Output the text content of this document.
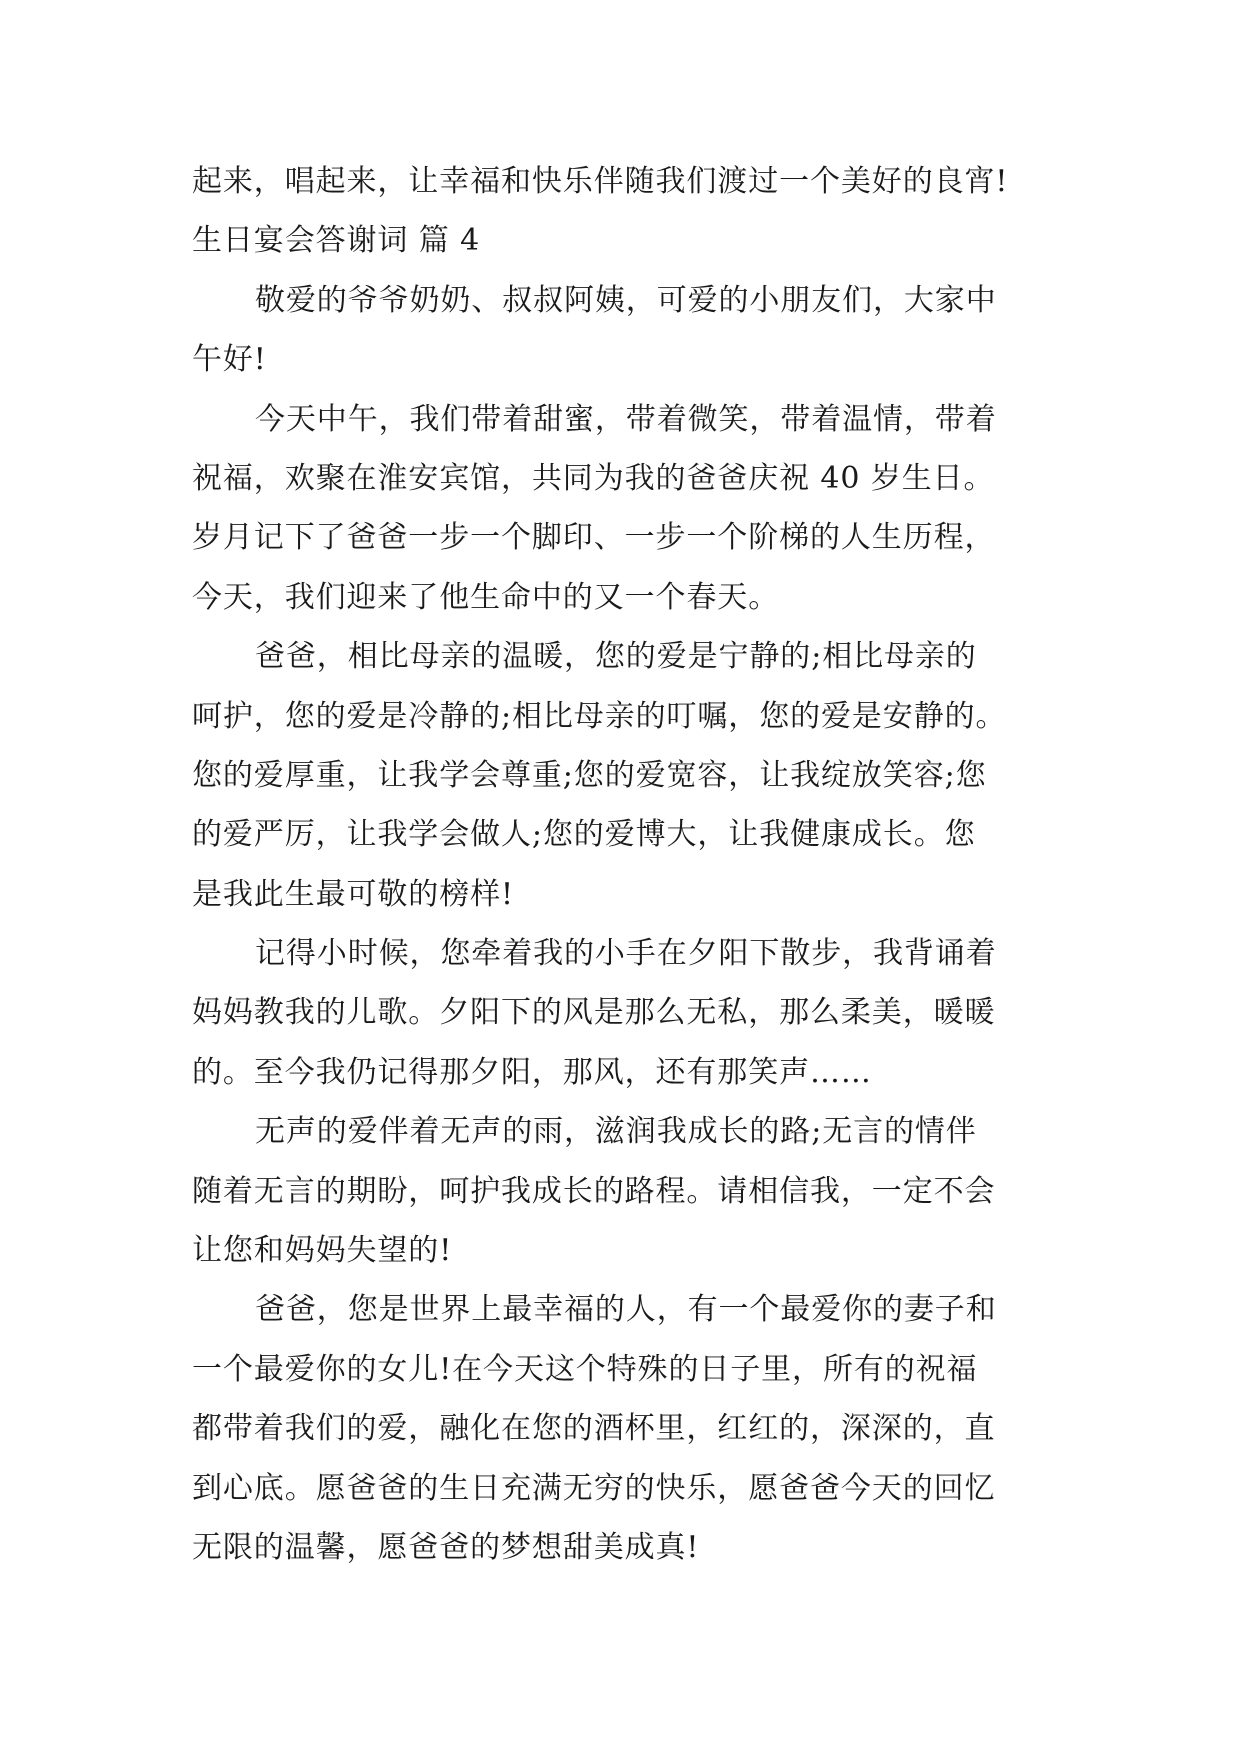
起来，唱起来，让幸福和快乐伴随我们渡过一个美好的良宵!
生日宴会答谢词 篇 4
敬爱的爷爷奶奶、叔叔阿姨，可爱的小朋友们，大家中
午好!
今天中午，我们带着甜蜜，带着微笑，带着温情，带着
祝福，欢聚在淮安宾馆，共同为我的爸爸庆祝 40 岁生日。
岁月记下了爸爸一步一个脚印、一步一个阶梯的人生历程，
今天，我们迎来了他生命中的又一个春天。
爸爸，相比母亲的温暖，您的爱是宁静的;相比母亲的
呵护，您的爱是冷静的;相比母亲的叮嘱，您的爱是安静的。
您的爱厚重，让我学会尊重;您的爱宽容，让我绽放笑容;您
的爱严厉，让我学会做人;您的爱博大，让我健康成长。您
是我此生最可敬的榜样!
记得小时候，您牵着我的小手在夕阳下散步，我背诵着
妈妈教我的儿歌。夕阳下的风是那么无私，那么柔美，暖暖
的。至今我仍记得那夕阳，那风，还有那笑声……
无声的爱伴着无声的雨，滋润我成长的路;无言的情伴
随着无言的期盼，呵护我成长的路程。请相信我，一定不会
让您和妈妈失望的!
爸爸，您是世界上最幸福的人，有一个最爱你的妻子和
一个最爱你的女儿!在今天这个特殊的日子里，所有的祝福
都带着我们的爱，融化在您的酒杯里，红红的，深深的，直
到心底。愿爸爸的生日充满无穷的快乐，愿爸爸今天的回忆
无限的温馨，愿爸爸的梦想甜美成真!
